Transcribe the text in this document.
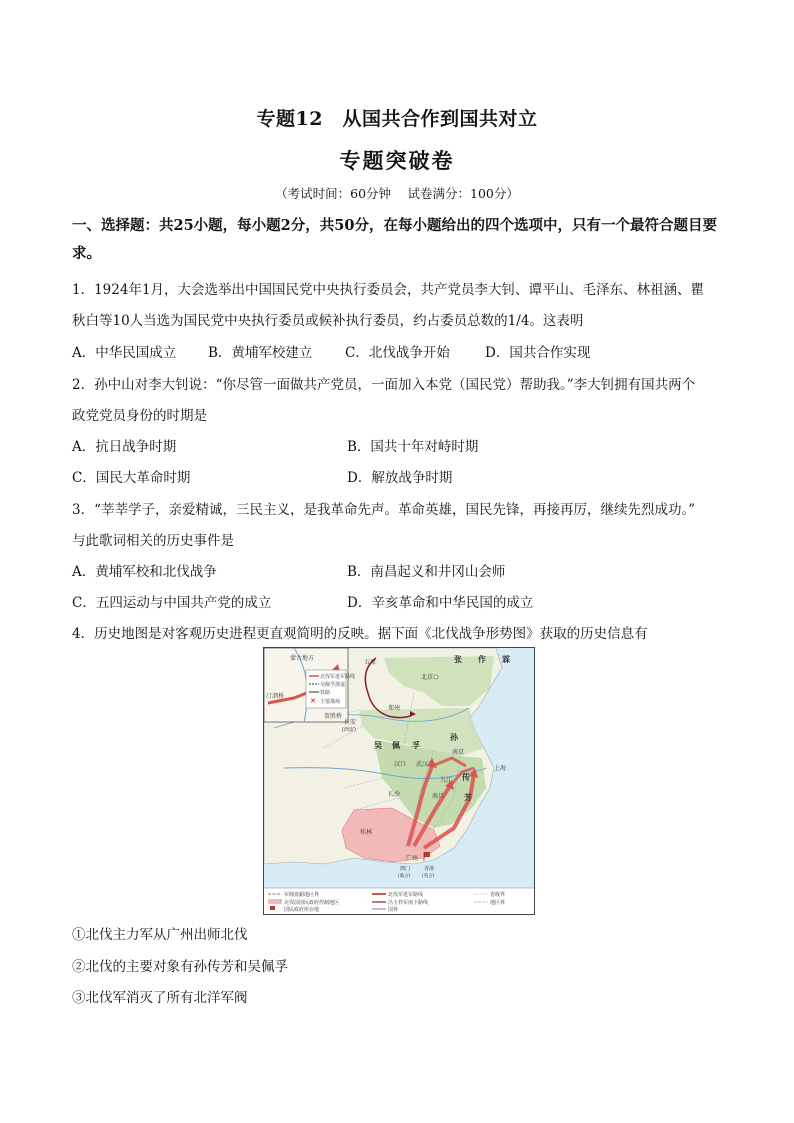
专题12　从国共合作到国共对立
专题突破卷
（考试时间：60分钟　 试卷满分：100分）
一、选择题：共25小题，每小题2分，共50分，在每小题给出的四个选项中，只有一个最符合题目要求。
1．1924年1月，大会选举出中国国民党中央执行委员会，共产党员李大钊、谭平山、毛泽东、林祖涵、瞿
秋白等10人当选为国民党中央执行委员或候补执行委员，约占委员总数的1/4。这表明
A．中华民国成立 B．黄埔军校建立 C．北伐战争开始	D．国共合作实现
2．孙中山对李大钊说：“你尽管一面做共产党员，一面加入本党（国民党）帮助我。”李大钊拥有国共两个
政党党员身份的时期是
A．抗日战争时期	B．国共十年对峙时期
C．国民大革命时期	D．解放战争时期
3．“莘莘学子，亲爱精诚，三民主义，是我革命先声。革命英雄，国民先锋，再接再厉，继续先烈成功。”
与此歌词相关的历史事件是
A．黄埔军校和北伐战争	B．南昌起义和井冈山会师
C．五四运动与中国共产党的成立	D．辛亥革命和中华民国的成立
4．历史地图是对客观历史进程更直观简明的反映。据下面《北伐战争形势图》获取的历史信息有
✕
北伐军进军路线
吴佩孚溃退
铁路
主要战场
蒙古地方
汀泗桥
贺胜桥
张 作 霖
五原
北京
长安
(西安)
郑州
吴 佩 孚
孙
传
芳
汉口 武汉
南京
上海
九江
南昌
长沙
桂林
广州
澳门	香港
(葡占)	(英占)
军阀盘踞地区界
北伐前国民政府控制地区
国民政府所在地
北伐军进军路线
冯玉祥军南下路线
国界
省级界
地区界
①北伐主力军从广州出师北伐
②北伐的主要对象有孙传芳和吴佩孚
③北伐军消灭了所有北洋军阀
